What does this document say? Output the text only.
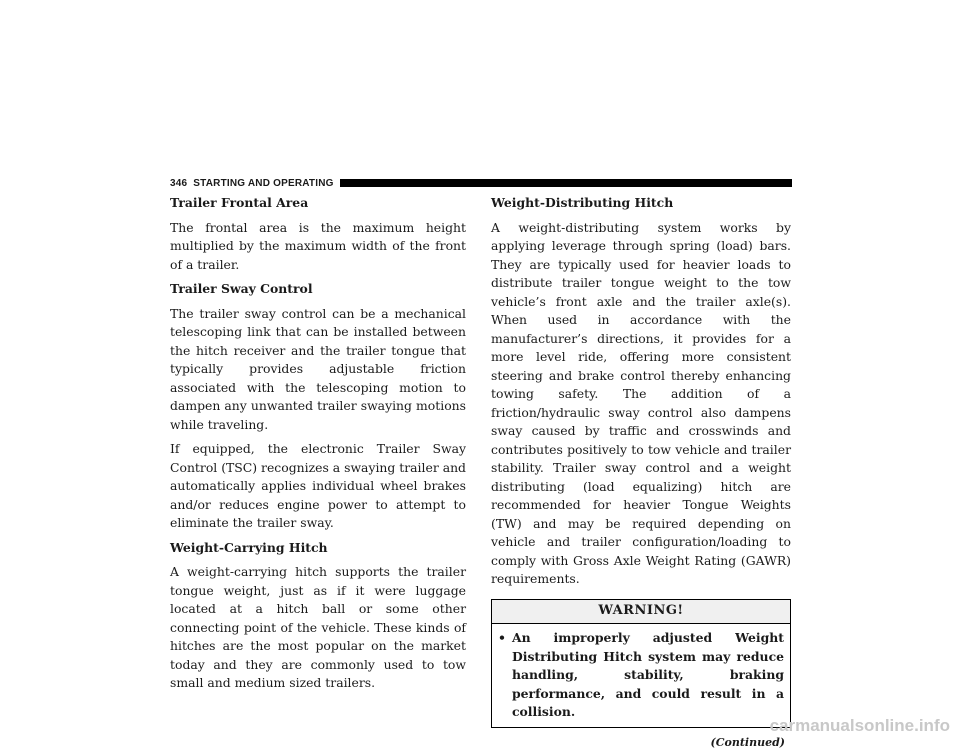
346 STARTING AND OPERATING
Trailer Frontal Area

The frontal area is the maximum height multiplied by the maximum width of the front of a trailer.

Trailer Sway Control

The trailer sway control can be a mechanical telescoping link that can be installed between the hitch receiver and the trailer tongue that typically provides adjustable friction associated with the telescoping motion to dampen any unwanted trailer swaying motions while traveling.

If equipped, the electronic Trailer Sway Control (TSC) recognizes a swaying trailer and automatically applies individual wheel brakes and/or reduces engine power to attempt to eliminate the trailer sway.

Weight-Carrying Hitch

A weight-carrying hitch supports the trailer tongue weight, just as if it were luggage located at a hitch ball or some other connecting point of the vehicle. These kinds of hitches are the most popular on the market today and they are commonly used to tow small and medium sized trailers.

Weight-Distributing Hitch

A weight-distributing system works by applying leverage through spring (load) bars. They are typically used for heavier loads to distribute trailer tongue weight to the tow vehicle’s front axle and the trailer axle(s). When used in accordance with the manufacturer’s directions, it provides for a more level ride, offering more consistent steering and brake control thereby enhancing towing safety. The addition of a friction/hydraulic sway control also dampens sway caused by traffic and crosswinds and contributes positively to tow vehicle and trailer stability. Trailer sway control and a weight distributing (load equalizing) hitch are recommended for heavier Tongue Weights (TW) and may be required depending on vehicle and trailer configuration/loading to comply with Gross Axle Weight Rating (GAWR) requirements.

WARNING!
• An improperly adjusted Weight Distributing Hitch system may reduce handling, stability, braking performance, and could result in a collision.
(Continued)
carmanualsonline.info
